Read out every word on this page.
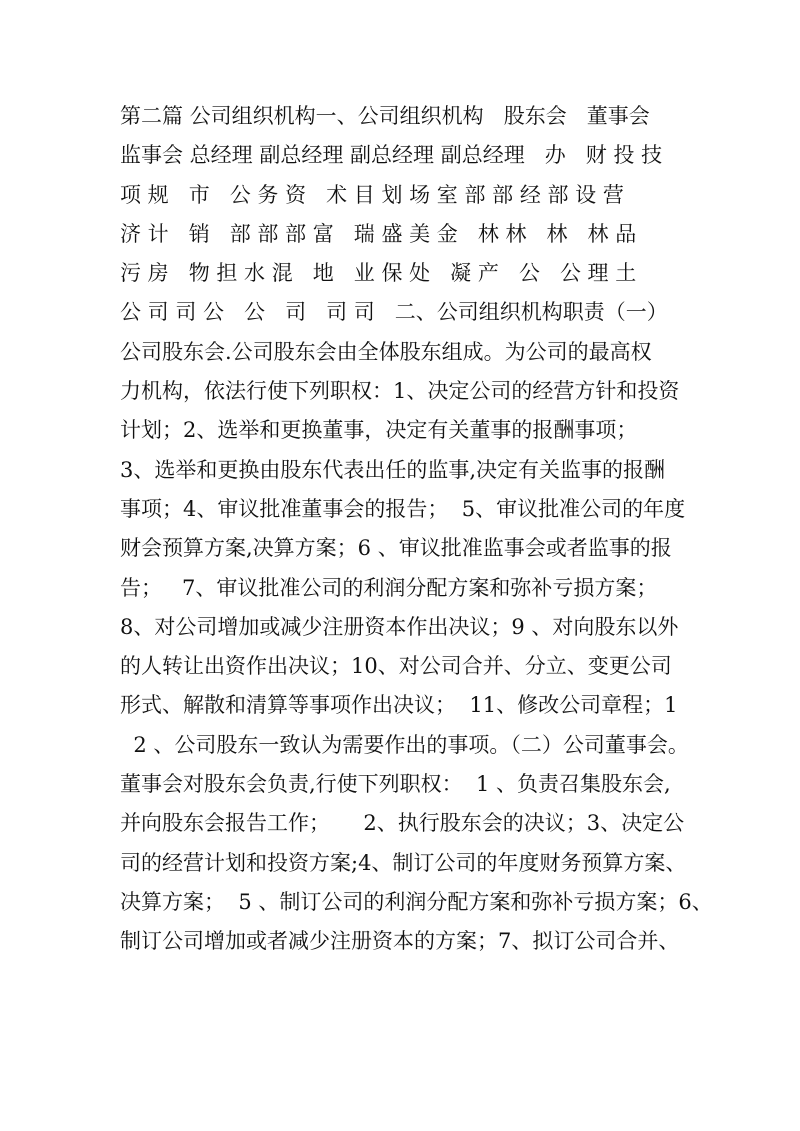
第二篇 公司组织机构一、公司组织机构   股东会   董事会
监事会 总经理 副总经理 副总经理 副总经理   办   财 投 技
项 规   市   公 务 资   术 目 划 场 室 部 部 经 部 设 营
济 计   销   部 部 部 富   瑞 盛 美 金   林 林   林   林 品
污 房   物 担 水 混   地   业 保 处   凝 产   公   公 理 土
公 司 司 公   公   司   司 司   二、公司组织机构职责（一）
公司股东会.公司股东会由全体股东组成。为公司的最高权
力机构，依法行使下列职权：1、决定公司的经营方针和投资
计划；2、选举和更换董事，决定有关董事的报酬事项；
3、选举和更换由股东代表出任的监事,决定有关监事的报酬
事项；4、审议批准董事会的报告；  5、审议批准公司的年度
财会预算方案,决算方案；6 、审议批准监事会或者监事的报
告；   7、审议批准公司的利润分配方案和弥补亏损方案；
8、对公司增加或减少注册资本作出决议；9 、对向股东以外
的人转让出资作出决议；10、对公司合并、分立、变更公司
形式、解散和清算等事项作出决议；  11、修改公司章程；1
2 、公司股东一致认为需要作出的事项。（二）公司董事会。
董事会对股东会负责,行使下列职权：  1 、负责召集股东会,
并向股东会报告工作；     2、执行股东会的决议；3、决定公
司的经营计划和投资方案;4、制订公司的年度财务预算方案、
决算方案；  5 、制订公司的利润分配方案和弥补亏损方案；6、
制订公司增加或者减少注册资本的方案；7、拟订公司合并、
